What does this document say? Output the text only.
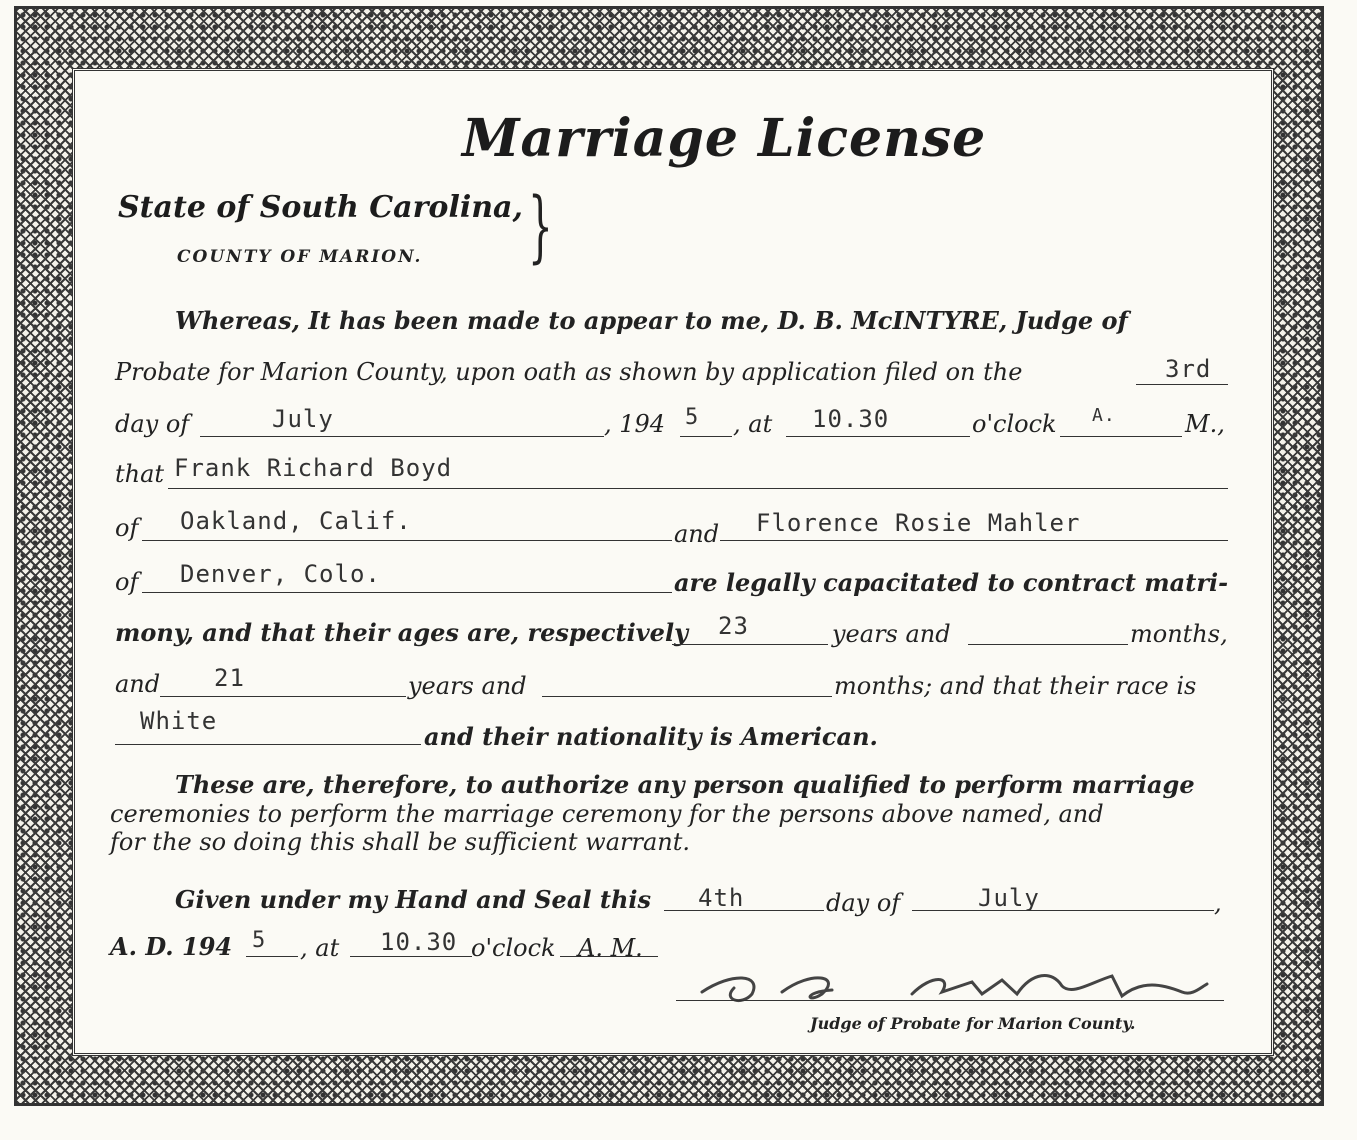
Marriage License
State of South Carolina,
COUNTY OF MARION. }
Whereas, It has been made to appear to me, D. B. McINTYRE, Judge of
Probate for Marion County, upon oath as shown by application filed on the	3rd
day of	July	, 194 5 , at 10.30	o'clock A.	M.,
that Frank Richard Boyd
of Oakland, Calif.	and Florence Rosie Mahler
of Denver, Colo.	are legally capacitated to contract matri-
mony, and that their ages are, respectively 23	years and	months,
and 21	years and	months; and that their race is
White
and their nationality is American.
These are, therefore, to authorize any person qualified to perform marriage
ceremonies to perform the marriage ceremony for the persons above named, and
for the so doing this shall be sufficient warrant.
Given under my Hand and Seal this 4th	day of	July	,
A. D. 194 5 , at 10.30 o'clock A. M.
Judge of Probate for Marion County.
